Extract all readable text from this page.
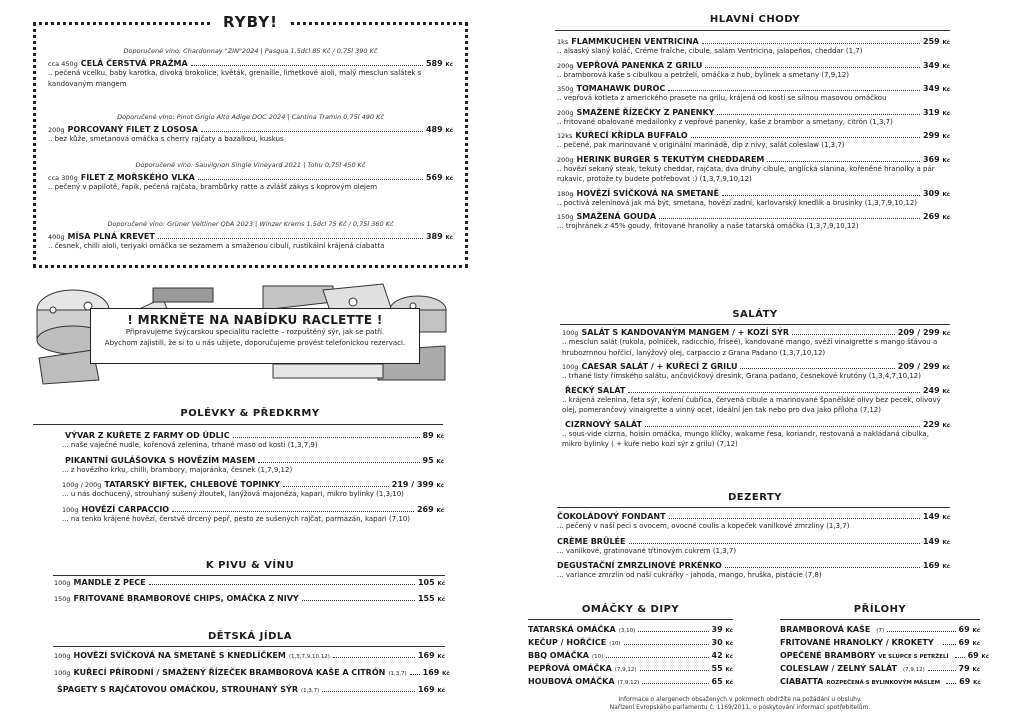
RYBY!

Doporučené víno: Chardonnay "ZIN"2024 | Pasqua 1,5dcl 85 Kč / 0,75l 390 Kč

cca 450g CELÁ ČERSTVÁ PRAŽMA	589 Kč
.. pečená vcelku, baby karotka, divoká brokolice, květák, grenaille, limetkové aioli, malý mesclun salátek s kandovaným mangem

Doporučené víno: Pinot Grigio Alto Adige DOC 2024 | Cantina Tramin 0,75l 490 Kč

200g PORCOVANÝ FILET Z LOSOSA	489 Kč
.. bez kůže, smetanová omáčka s cherry rajčaty a bazalkou, kuskus

Doporučené víno: Sauvignon Single Vineyard 2021 | Tohu 0,75l 450 Kč

cca 300g FILET Z MOŘSKÉHO VLKA	569 Kč
.. pečený v papilotě, řapík, pečená rajčata, brambůrky ratte a zvlášť zákys s koprovým olejem

Doporučené víno: Grüner Veltliner QbA 2023 | Winzer Krems 1,5dcl 75 Kč / 0,75l 360 Kč

400g MÍSA PLNÁ KREVET	389 Kč
.. česnek, chilli aioli, teriyaki omáčka se sezamem a smaženou cibulí, rustikální krájená ciabatta
! MRKNĚTE NA NABÍDKU RACLETTE !
Připravujeme švýcarskou specialitu raclette – rozpuštěný sýr, jak se patří.
Abychom zajistili, že si to u nás užijete, doporučujeme provést telefonickou rezervaci.
POLÉVKY & PŘEDKRMY
VÝVAR Z KUŘETE Z FARMY OD ÚDLIC	89 Kč
... naše vaječné nudle, kořenová zelenina, trhané maso od kosti (1,3,7,9)
PIKANTNÍ GULÁŠOVKA S HOVĚZÍM MASEM	95 Kč
... z hovězího krku, chilli, brambory, majoránka, česnek (1,7,9,12)
100g / 200g TATARSKÝ BIFTEK, CHLEBOVÉ TOPINKY	219 / 399 Kč
... u nás dochucený, strouhaný sušený žloutek, lanýžová majonéza, kapari, mikro bylinky (1,3,10)
100g HOVĚZÍ CARPACCIO	269 Kč
... na tenko krájené hovězí, čerstvě drcený pepř, pesto ze sušených rajčat, parmazán, kapari (7,10)
K PIVU & VÍNU
100g MANDLE Z PECE	105 Kč
150g FRITOVANÉ BRAMBOROVÉ CHIPS, OMÁČKA Z NIVY	155 Kč
DĚTSKÁ JÍDLA
100g HOVĚZÍ SVÍČKOVÁ NA SMETANĚ S KNEDLÍČKEM (1,3,7,9,10,12)	169 Kč
100g KUŘECÍ PŘÍRODNÍ / SMAŽENÝ ŘÍZEČEK BRAMBOROVÁ KAŠE A CITRÓN (1,3,7) 169 Kč
ŠPAGETY S RAJČATOVOU OMÁČKOU, STROUHANÝ SÝR (1,3,7)	169 Kč
HLAVNÍ CHODY
1ks FLAMMKUCHEN VENTRICINA	259 Kč
.. alsaský slaný koláč, Créme fraîche, cibule, salám Ventricina, jalapeños, cheddar (1,7)
200g VEPŘOVÁ PANENKA Z GRILU	349 Kč
.. bramborová kaše s cibulkou a petrželí, omáčka z hub, bylinek a smetany (7,9,12)
350g TOMAHAWK DUROC	349 Kč
.. vepřová kotleta z amerického prasete na grilu, krájená od kosti se silnou masovou omáčkou
200g SMAŽENÉ ŘÍZEČKY Z PANENKY	319 Kč
.. fritované obalované medailonky z vepřové panenky, kaše z brambor a smetany, citrón (1,3,7)
12ks KUŘECÍ KŘÍDLA BUFFALO	299 Kč
.. pečené, pak marinované v originální marinádě, dip z nivy, salát coleslaw (1,3,7)
200g HERINK BURGER S TEKUTÝM CHEDDAREM	369 Kč
.. hovězí sekaný steak, tekutý cheddar, rajčata, dva druhy cibule, anglická slanina, kořeněné hranolky a pár rukavic, protože ty budete potřebovat :) (1,3,7,9,10,12)
180g HOVĚZÍ SVÍČKOVÁ NA SMETANĚ	309 Kč
.. poctivá zeleninová jak má být, smetana, hovězí zadní, karlovarský knedlík a brusinky (1,3,7,9,10,12)
150g SMAŽENÁ GOUDA	269 Kč
... trojhránek z 45% goudy, fritované hranolky a naše tatarská omáčka (1,3,7,9,10,12)
SALÁTY
100g SALÁT S KANDOVANÝM MANGEM / + KOZÍ SÝR	209 / 299 Kč
.. mesclun salát (rukola, polníček, radicchio, friseé), kandované mango, svěží vinaigrette s mango šťávou a hrubozrnnou hořčicí, lanýžový olej, carpaccio z Grana Padano (1,3,7,10,12)
100g CAESAR SALÁT / + KUŘECÍ Z GRILU	209 / 299 Kč
.. trhané listy římského salátu, ančovičkový dresink, Grana padano, česnekové krutóny (1,3,4,7,10,12)
ŘECKÝ SALÁT	249 Kč
.. krájená zelenina, feta sýr, koření čubřica, červená cibule a marinované španělské olivy bez pecek, olivový olej, pomerančový vinaigrette a vinný ocet, ideální jen tak nebo pro dva jako příloha (7,12)
CIZRNOVÝ SALÁT	229 Kč
.. sous-vide cizrna, hoisin omáčka, mungo klíčky, wakame řesa, koriandr, restovaná a nakládaná cibulka, mikro bylinky ( + kuře nebo kozí sýr z grilu) (7,12)
DEZERTY
ČOKOLÁDOVÝ FONDANT	149 Kč
... pečený v naší peci s ovocem, ovocné coulis a kopeček vanilkové zmrzliny (1,3,7)
CRÈME BRÛLÉE	149 Kč
... vanilkové, gratinované třtinovým cukrem (1,3,7)
DEGUSTAČNÍ ZMRZLINOVÉ PRKÉNKO	169 Kč
... variance zmrzlin od naší cukrářky - jahoda, mango, hruška, pistácie (7,8)
OMÁČKY & DIPY
TATARSKÁ OMÁČKA (3,10)	39 Kč
KEČUP / HOŘČICE (10)	30 Kč
BBQ OMÁČKA (10)	42 Kč
PEPŘOVÁ OMÁČKA (7,9,12)	55 Kč
HOUBOVÁ OMÁČKA (7,9,12)	65 Kč
PŘÍLOHY
BRAMBOROVÁ KAŠE (7)	69 Kč
FRITOVANÉ HRANOLKY / KROKETY	69 Kč
OPEČENÉ BRAMBORY VE SLUPCE S PETRŽELÍ 69 Kč
COLESLAW / ZELNÝ SALÁT (7,9,12)	79 Kč
CIABATTA ROZPEČENÁ S BYLINKOVÝM MÁSLEM 69 Kč
Informace o alergenech obsažených v pokrmech obdržíte na požádání u obsluhy.
Nařízení Evropského parlamentu č. 1169/2011, o poskytování informací spotřebitelům.
